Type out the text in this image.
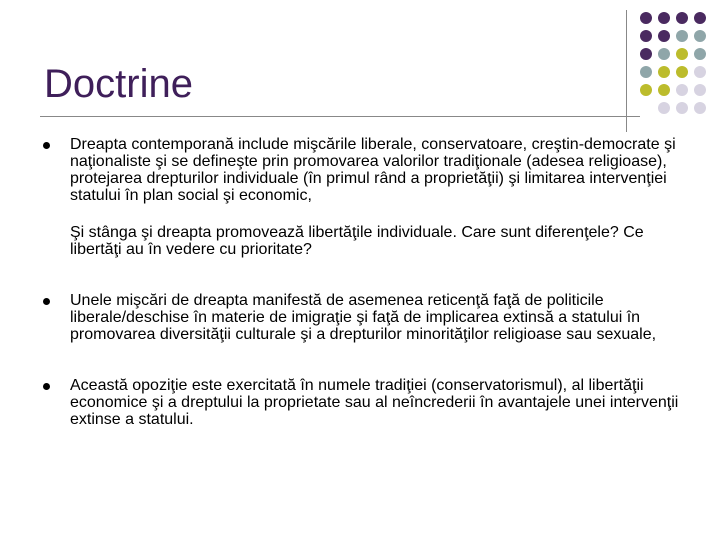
Doctrine

Dreapta contemporană include mişcările liberale, conservatoare, creştin-democrate şi naţionaliste şi se defineşte prin promovarea valorilor tradiţionale (adesea religioase), protejarea drepturilor individuale (în primul rând a proprietăţii) şi limitarea intervenţiei statului în plan social şi economic,

Şi stânga şi dreapta promovează libertăţile individuale. Care sunt diferenţele? Ce libertăţi au în vedere cu prioritate?

Unele mişcări de dreapta manifestă de asemenea reticenţă faţă de politicile liberale/deschise în materie de imigraţie şi faţă de implicarea extinsă a statului în promovarea diversităţii culturale şi a drepturilor minorităţilor religioase sau sexuale,

Această opoziţie este exercitată în numele tradiţiei (conservatorismul), al libertăţii economice şi a dreptului la proprietate sau al neîncrederii în avantajele unei intervenţii extinse a statului.
